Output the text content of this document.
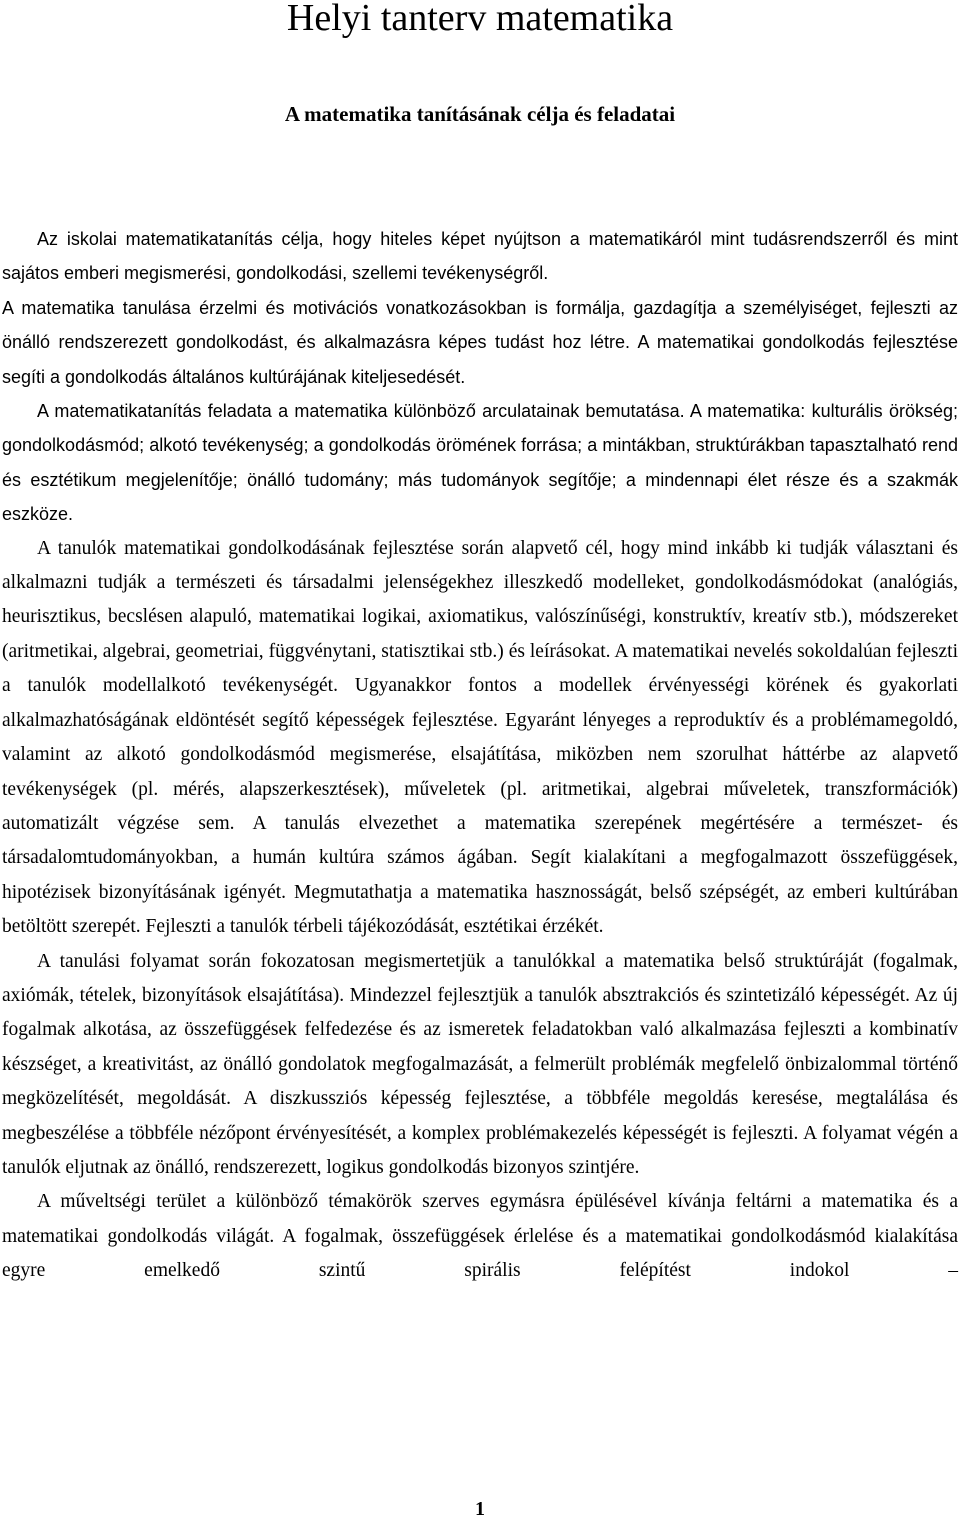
Helyi tanterv matematika
A matematika tanításának célja és feladatai

Az iskolai matematikatanítás célja, hogy hiteles képet nyújtson a matematikáról mint tudásrendszerről és mint sajátos emberi megismerési, gondolkodási, szellemi tevékenységről.

A matematika tanulása érzelmi és motivációs vonatkozásokban is formálja, gazdagítja a személyiséget, fejleszti az önálló rendszerezett gondolkodást, és alkalmazásra képes tudást hoz létre. A matematikai gondolkodás fejlesztése segíti a gondolkodás általános kultúrájának kiteljesedését.

A matematikatanítás feladata a matematika különböző arculatainak bemutatása. A matematika: kulturális örökség; gondolkodásmód; alkotó tevékenység; a gondolkodás örömének forrása; a mintákban, struktúrákban tapasztalható rend és esztétikum megjelenítője; önálló tudomány; más tudományok segítője; a mindennapi élet része és a szakmák eszköze.

A tanulók matematikai gondolkodásának fejlesztése során alapvető cél, hogy mind inkább ki tudják választani és alkalmazni tudják a természeti és társadalmi jelenségekhez illeszkedő modelleket, gondolkodásmódokat (analógiás, heurisztikus, becslésen alapuló, matematikai logikai, axiomatikus, valószínűségi, konstruktív, kreatív stb.), módszereket (aritmetikai, algebrai, geometriai, függvénytani, statisztikai stb.) és leírásokat. A matematikai nevelés sokoldalúan fejleszti a tanulók modellalkotó tevékenységét. Ugyanakkor fontos a modellek érvényességi körének és gyakorlati alkalmazhatóságának eldöntését segítő képességek fejlesztése. Egyaránt lényeges a reproduktív és a problémamegoldó, valamint az alkotó gondolkodásmód megismerése, elsajátítása, miközben nem szorulhat háttérbe az alapvető tevékenységek (pl. mérés, alapszerkesztések), műveletek (pl. aritmetikai, algebrai műveletek, transzformációk) automatizált végzése sem. A tanulás elvezethet a matematika szerepének megértésére a természet- és társadalomtudományokban, a humán kultúra számos ágában. Segít kialakítani a megfogalmazott összefüggések, hipotézisek bizonyításának igényét. Megmutathatja a matematika hasznosságát, belső szépségét, az emberi kultúrában betöltött szerepét. Fejleszti a tanulók térbeli tájékozódását, esztétikai érzékét.

A tanulási folyamat során fokozatosan megismertetjük a tanulókkal a matematika belső struktúráját (fogalmak, axiómák, tételek, bizonyítások elsajátítása). Mindezzel fejlesztjük a tanulók absztrakciós és szintetizáló képességét. Az új fogalmak alkotása, az összefüggések felfedezése és az ismeretek feladatokban való alkalmazása fejleszti a kombinatív készséget, a kreativitást, az önálló gondolatok megfogalmazását, a felmerült problémák megfelelő önbizalommal történő megközelítését, megoldását. A diszkussziós képesség fejlesztése, a többféle megoldás keresése, megtalálása és megbeszélése a többféle nézőpont érvényesítését, a komplex problémakezelés képességét is fejleszti. A folyamat végén a tanulók eljutnak az önálló, rendszerezett, logikus gondolkodás bizonyos szintjére.

A műveltségi terület a különböző témakörök szerves egymásra épülésével kívánja feltárni a matematika és a matematikai gondolkodás világát. A fogalmak, összefüggések érlelése és a matematikai gondolkodásmód kialakítása egyre emelkedő szintű spirális felépítést indokol –

1
